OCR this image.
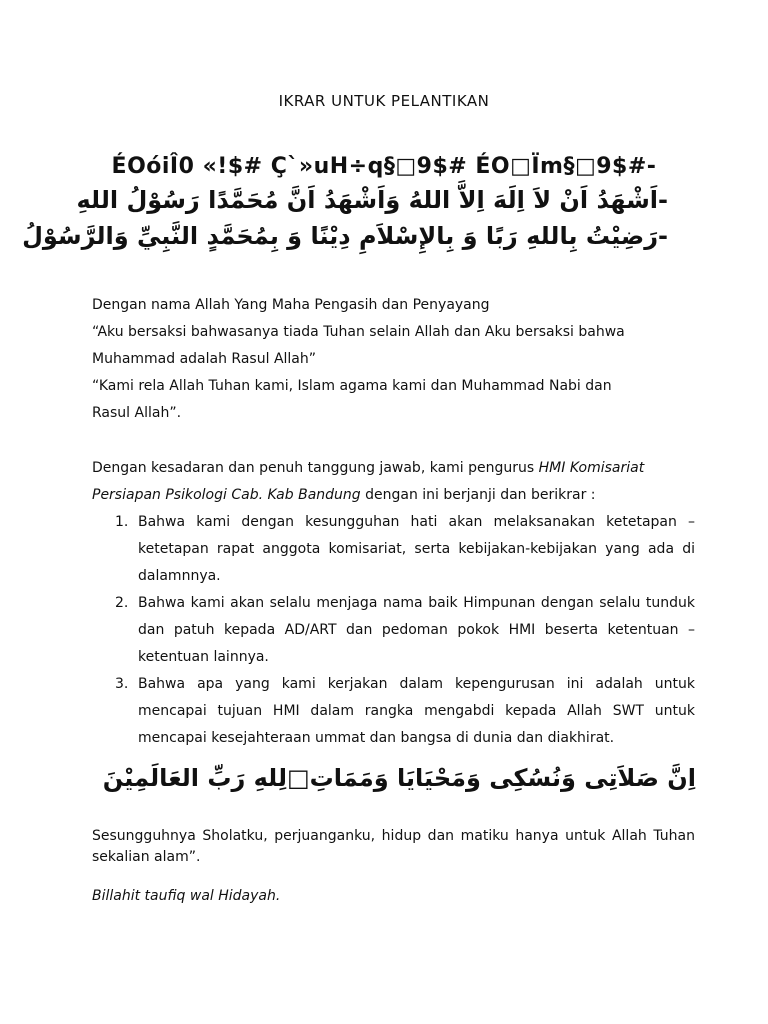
IKRAR UNTUK PELANTIKAN
ÉOóiÎ0 «!$# Ç`»uH÷q§□9$# ÉO□Ïm§□9$#-
-اَشْهَدُ اَنْ لاَ اِلَهَ اِلاَّ اللهُ وَاَشْهَدُ اَنَّ مُحَمَّدًا رَسُوْلُ اللهِ
-رَضِيْتُ بِاللهِ رَبًا وَ بِالإِسْلاَمِ دِيْنًا وَ بِمُحَمَّدٍ النَّبِيِّ وَالرَّسُوْلُ
Dengan nama Allah Yang Maha Pengasih dan Penyayang
“Aku bersaksi bahwasanya tiada Tuhan selain Allah dan Aku bersaksi bahwa
Muhammad adalah Rasul Allah”
“Kami rela Allah Tuhan kami, Islam agama kami dan Muhammad Nabi dan
Rasul Allah”.
Dengan kesadaran dan penuh tanggung jawab, kami pengurus HMI Komisariat
Persiapan Psikologi Cab. Kab Bandung dengan ini berjanji dan berikrar :
1. Bahwa kami dengan kesungguhan hati akan melaksanakan ketetapan – ketetapan rapat anggota komisariat, serta kebijakan-kebijakan yang ada di dalamnnya.
2. Bahwa kami akan selalu menjaga nama baik Himpunan dengan selalu tunduk dan patuh kepada AD/ART dan pedoman pokok HMI beserta ketentuan – ketentuan lainnya.
3. Bahwa apa yang kami kerjakan dalam kepengurusan ini adalah untuk mencapai tujuan HMI dalam rangka mengabdi kepada Allah SWT untuk mencapai kesejahteraan ummat dan bangsa di dunia dan diakhirat.
اِنَّ صَلاَتِى وَنُسُكِى وَمَحْيَايَا وَمَمَاتِ□لِلهِ رَبِّ العَالَمِيْنَ
Sesungguhnya Sholatku, perjuanganku, hidup dan matiku hanya untuk Allah Tuhan sekalian alam”.
Billahit taufiq wal Hidayah.
